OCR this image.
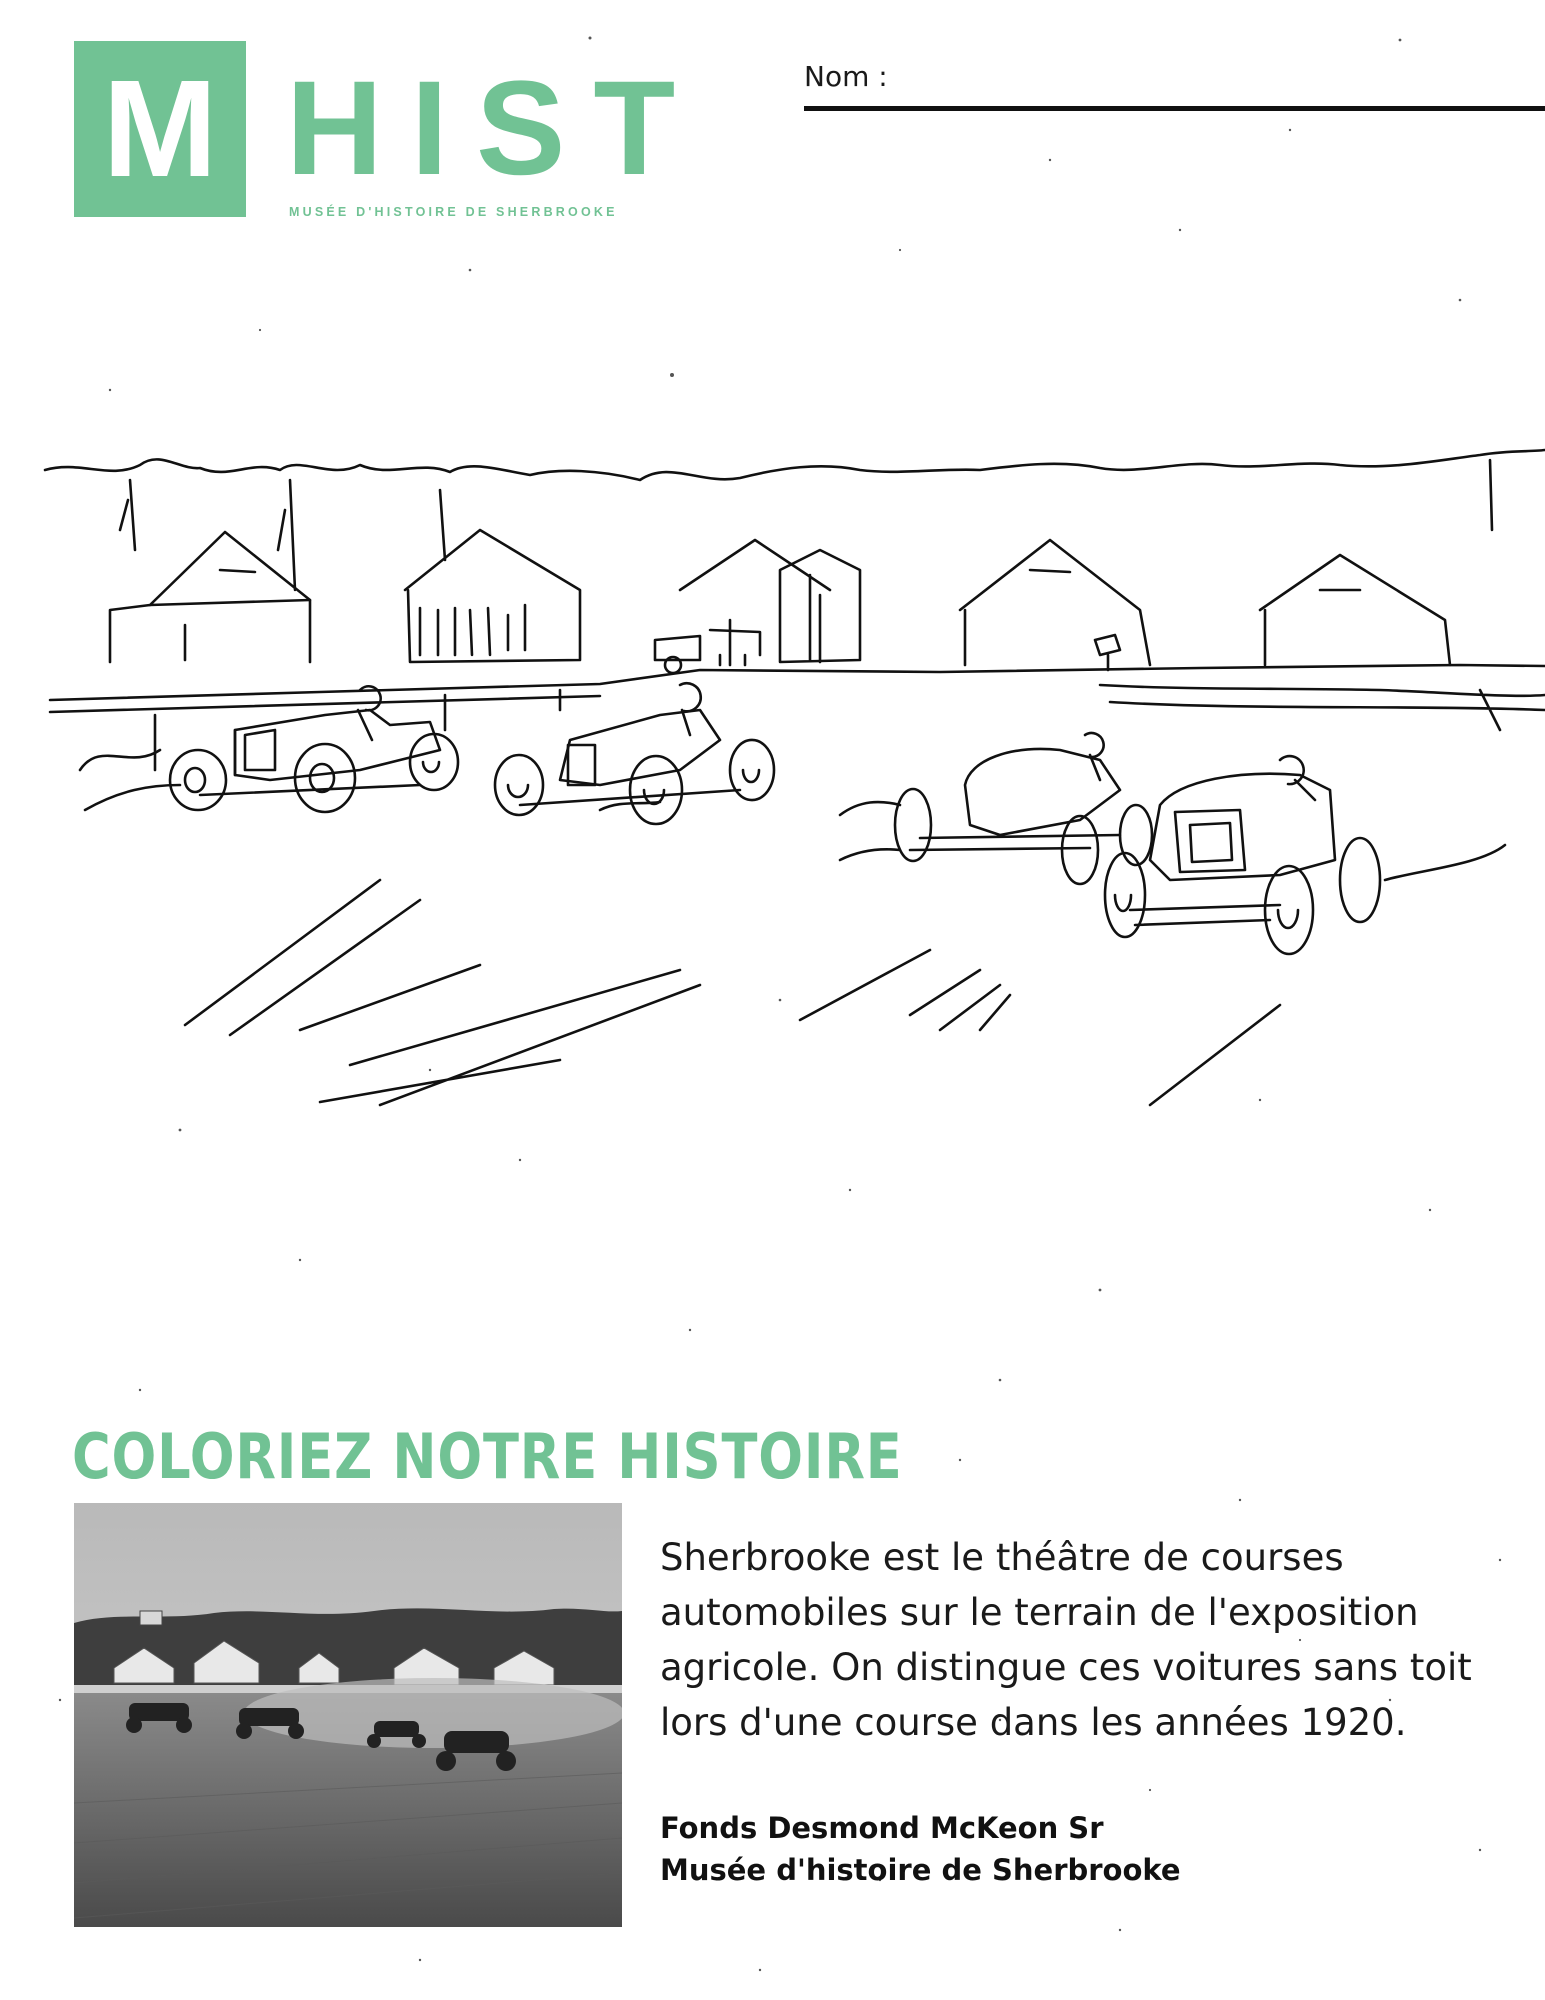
M HIST
MUSÉE D'HISTOIRE DE SHERBROOKE
Nom :
COLORIEZ NOTRE HISTOIRE
Sherbrooke est le théâtre de courses automobiles sur le terrain de l'exposition agricole. On distingue ces voitures sans toit lors d'une course dans les années 1920.
Fonds Desmond McKeon Sr
Musée d'histoire de Sherbrooke
